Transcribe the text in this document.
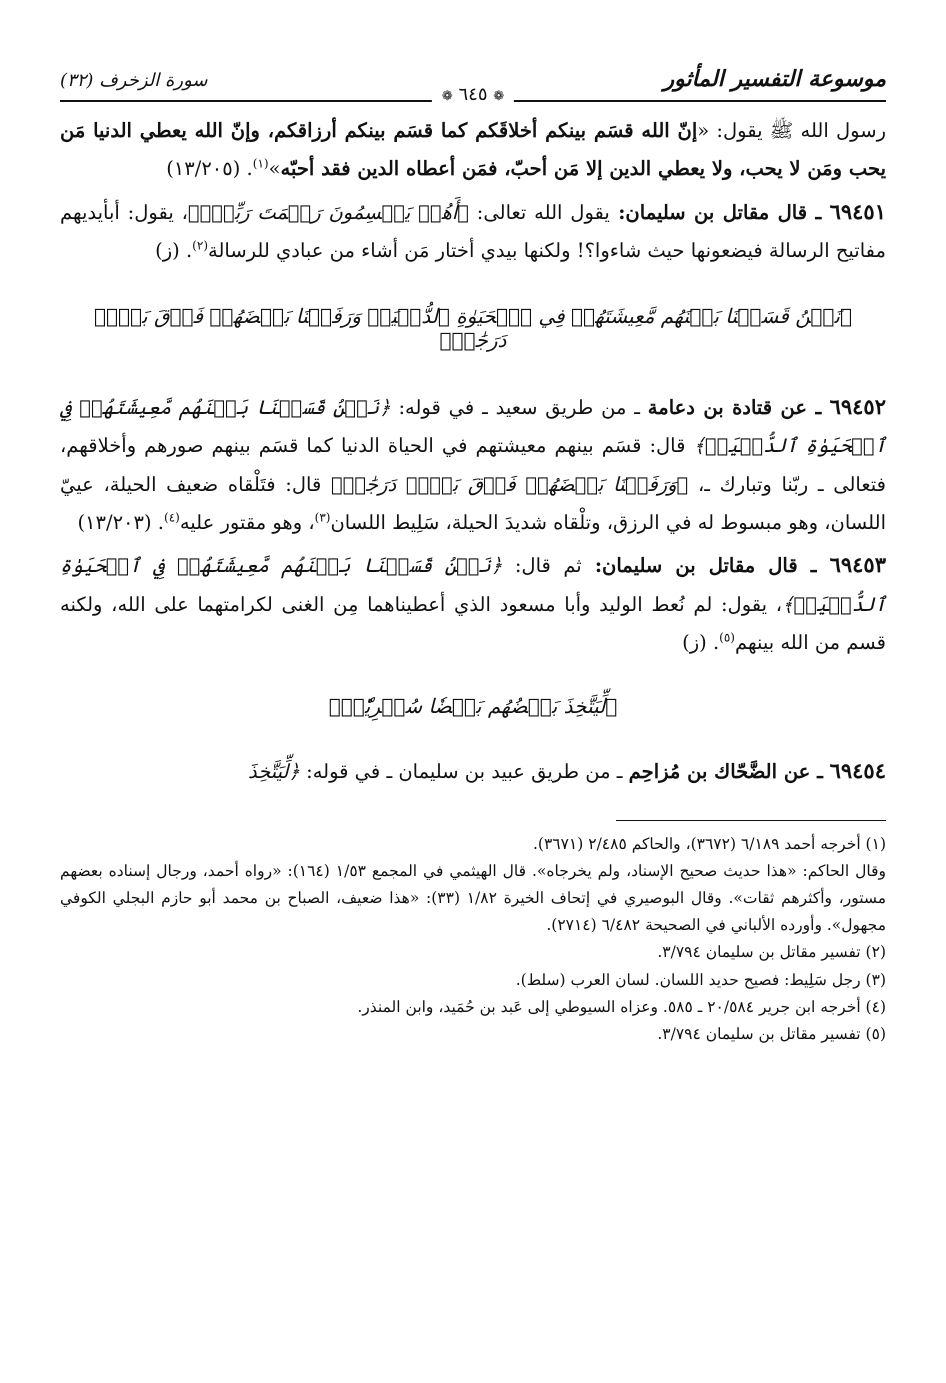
موسوعة التفسير المأثور
❁ ٦٤٥ ❁
سورة الزخرف (٣٢)

رسول الله ﷺ يقول: «إنّ الله قسَم بينكم أخلاقَكم كما قسَم بينكم أرزاقكم، وإنّ الله يعطي الدنيا مَن يحب ومَن لا يحب، ولا يعطي الدين إلا مَن أحبّ، فمَن أعطاه الدين فقد أحبّه»$^{(١)}$. (١٣/٢٠٥)

٦٩٤٥١ ـ قال مقاتل بن سليمان: يقول الله تعالى: ﴿أَهُمۡ يَقۡسِمُونَ رَحۡمَتَ رَبِّكَۚ﴾، يقول: أبأيديهم مفاتيح الرسالة فيضعونها حيث شاءوا؟! ولكنها بيدي أختار مَن أشاء من عبادي للرسالة$^{(٢)}$. (ز)

﴿نَحۡنُ قَسَمۡنَا بَيۡنَهُم مَّعِيشَتَهُمۡ فِي ٱلۡحَيَوٰةِ ٱلدُّنۡيَاۚ وَرَفَعۡنَا بَعۡضَهُمۡ فَوۡقَ بَعۡضٖ دَرَجَٰتٖ﴾

٦٩٤٥٢ ـ عن قتادة بن دعامة ـ من طريق سعيد ـ في قوله: ﴿نَحۡنُ قَسَمۡنَا بَيۡنَهُم مَّعِيشَتَهُمۡ فِي ٱلۡحَيَوٰةِ ٱلدُّنۡيَاۚ﴾ قال: قسَم بينهم معيشتهم في الحياة الدنيا كما قسَم بينهم صورهم وأخلاقهم، فتعالى ـ ربّنا وتبارك ـ، ﴿وَرَفَعۡنَا بَعۡضَهُمۡ فَوۡقَ بَعۡضٖ دَرَجَٰتٖ﴾ قال: فتَلْقاه ضعيف الحيلة، عييّ اللسان، وهو مبسوط له في الرزق، وتلْقاه شديدَ الحيلة، سَلِيط اللسان$^{(٣)}$، وهو مقتور عليه$^{(٤)}$. (١٣/٢٠٣)

٦٩٤٥٣ ـ قال مقاتل بن سليمان: ثم قال: ﴿نَحۡنُ قَسَمۡنَا بَيۡنَهُم مَّعِيشَتَهُمۡ فِي ٱلۡحَيَوٰةِ ٱلدُّنۡيَاۚ﴾، يقول: لم نُعط الوليد وأبا مسعود الذي أعطيناهما مِن الغنى لكرامتهما على الله، ولكنه قسم من الله بينهم$^{(٥)}$. (ز)

﴿لِّيَتَّخِذَ بَعۡضُهُم بَعۡضٗا سُخۡرِيّٗاۗ﴾

٦٩٤٥٤ ـ عن الضَّحّاك بن مُزاحِم ـ من طريق عبيد بن سليمان ـ في قوله: ﴿لِّيَتَّخِذَ

(١) أخرجه أحمد ٦/١٨٩ (٣٦٧٢)، والحاكم ٢/٤٨٥ (٣٦٧١).

وقال الحاكم: «هذا حديث صحيح الإسناد، ولم يخرجاه». قال الهيثمي في المجمع ١/٥٣ (١٦٤): «رواه أحمد، ورجال إسناده بعضهم مستور، وأكثرهم ثقات». وقال البوصيري في إتحاف الخيرة ١/٨٢ (٣٣): «هذا ضعيف، الصباح بن محمد أبو حازم البجلي الكوفي مجهول». وأورده الألباني في الصحيحة ٦/٤٨٢ (٢٧١٤).

(٢) تفسير مقاتل بن سليمان ٣/٧٩٤.

(٣) رجل سَلِيط: فصيح حديد اللسان. لسان العرب (سلط).

(٤) أخرجه ابن جرير ٢٠/٥٨٤ ـ ٥٨٥. وعزاه السيوطي إلى عَبد بن حُمَيد، وابن المنذر.

(٥) تفسير مقاتل بن سليمان ٣/٧٩٤.
